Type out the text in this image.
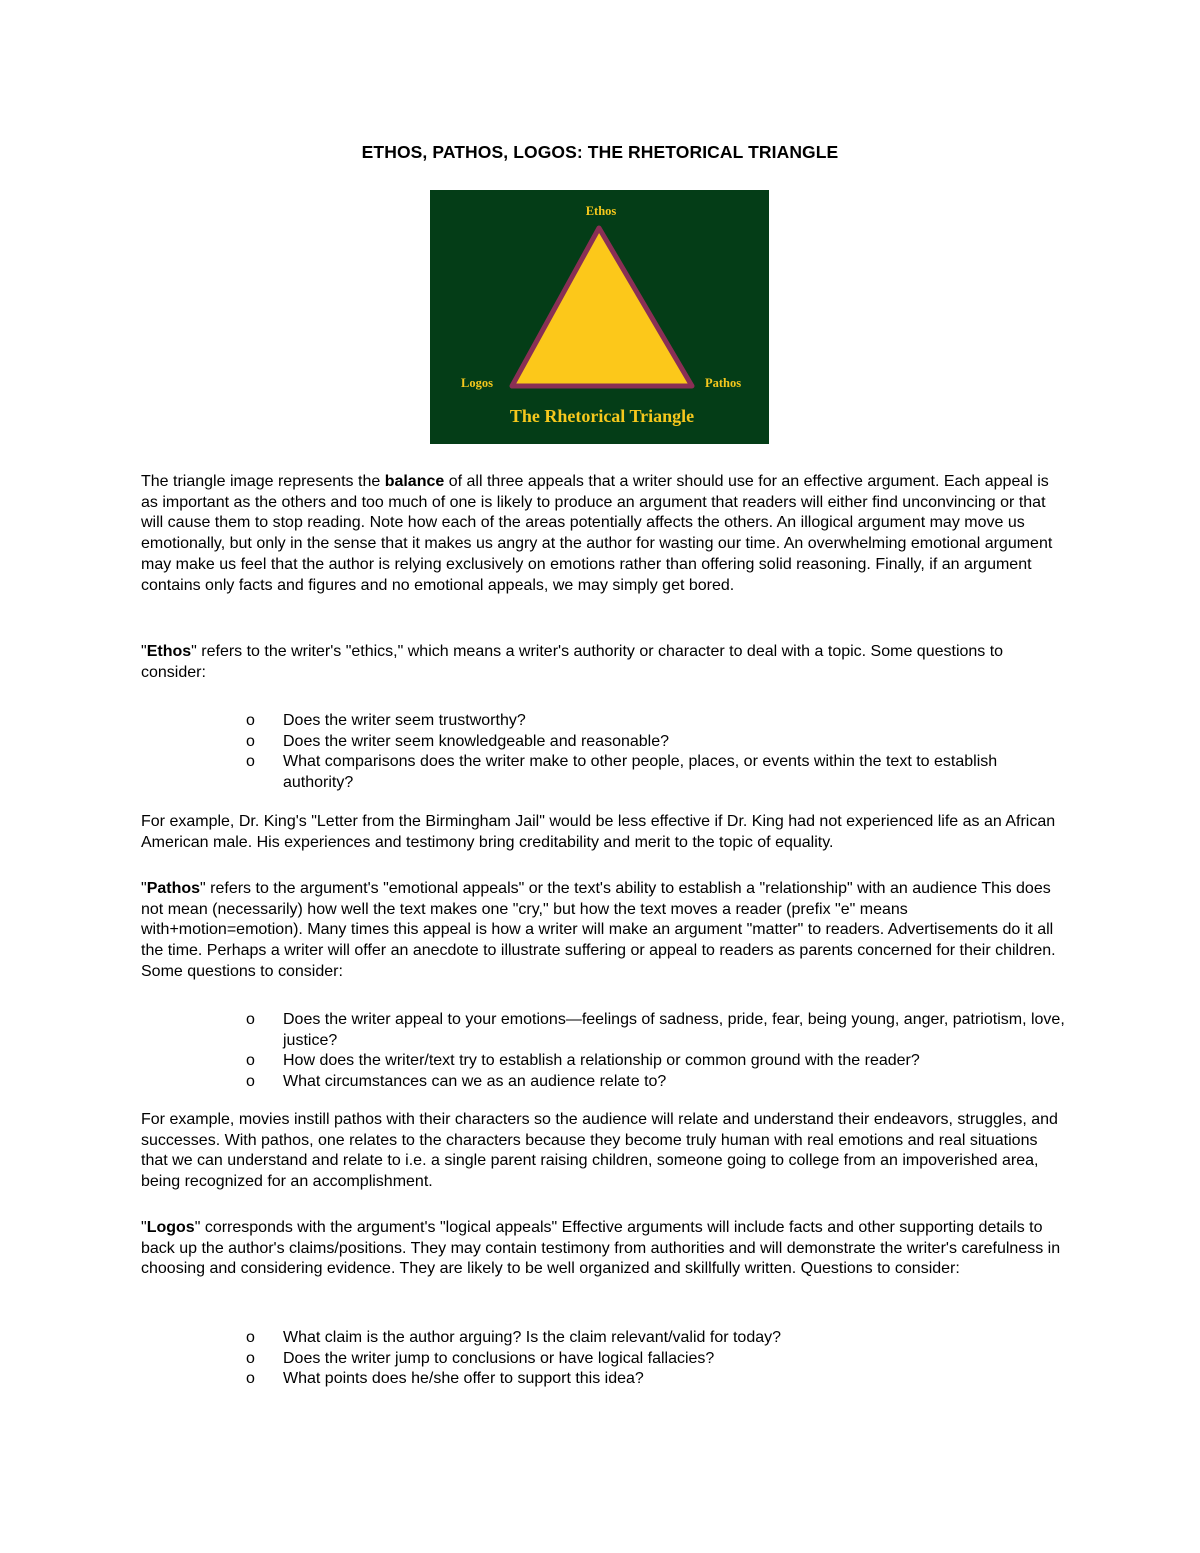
ETHOS, PATHOS, LOGOS: THE RHETORICAL TRIANGLE
Ethos
Logos	Pathos
The Rhetorical Triangle

The triangle image represents the balance of all three appeals that a writer should use for an effective argument. Each appeal is as important as the others and too much of one is likely to produce an argument that readers will either find unconvincing or that will cause them to stop reading. Note how each of the areas potentially affects the others. An illogical argument may move us emotionally, but only in the sense that it makes us angry at the author for wasting our time. An overwhelming emotional argument may make us feel that the author is relying exclusively on emotions rather than offering solid reasoning. Finally, if an argument contains only facts and figures and no emotional appeals, we may simply get bored.

"Ethos" refers to the writer's "ethics," which means a writer's authority or character to deal with a topic. Some questions to consider:

o Does the writer seem trustworthy?
o Does the writer seem knowledgeable and reasonable?
o What comparisons does the writer make to other people, places, or events within the text to establish authority?

For example, Dr. King's "Letter from the Birmingham Jail" would be less effective if Dr. King had not experienced life as an African American male. His experiences and testimony bring creditability and merit to the topic of equality.

"Pathos" refers to the argument's "emotional appeals" or the text's ability to establish a "relationship" with an audience This does not mean (necessarily) how well the text makes one "cry," but how the text moves a reader (prefix "e" means with+motion=emotion). Many times this appeal is how a writer will make an argument "matter" to readers. Advertisements do it all the time. Perhaps a writer will offer an anecdote to illustrate suffering or appeal to readers as parents concerned for their children. Some questions to consider:

o Does the writer appeal to your emotions—feelings of sadness, pride, fear, being young, anger, patriotism, love, justice?
o How does the writer/text try to establish a relationship or common ground with the reader?
o What circumstances can we as an audience relate to?

For example, movies instill pathos with their characters so the audience will relate and understand their endeavors, struggles, and successes. With pathos, one relates to the characters because they become truly human with real emotions and real situations that we can understand and relate to i.e. a single parent raising children, someone going to college from an impoverished area, being recognized for an accomplishment.

"Logos" corresponds with the argument's "logical appeals" Effective arguments will include facts and other supporting details to back up the author's claims/positions. They may contain testimony from authorities and will demonstrate the writer's carefulness in choosing and considering evidence. They are likely to be well organized and skillfully written. Questions to consider:

o What claim is the author arguing? Is the claim relevant/valid for today?
o Does the writer jump to conclusions or have logical fallacies?
o What points does he/she offer to support this idea?
